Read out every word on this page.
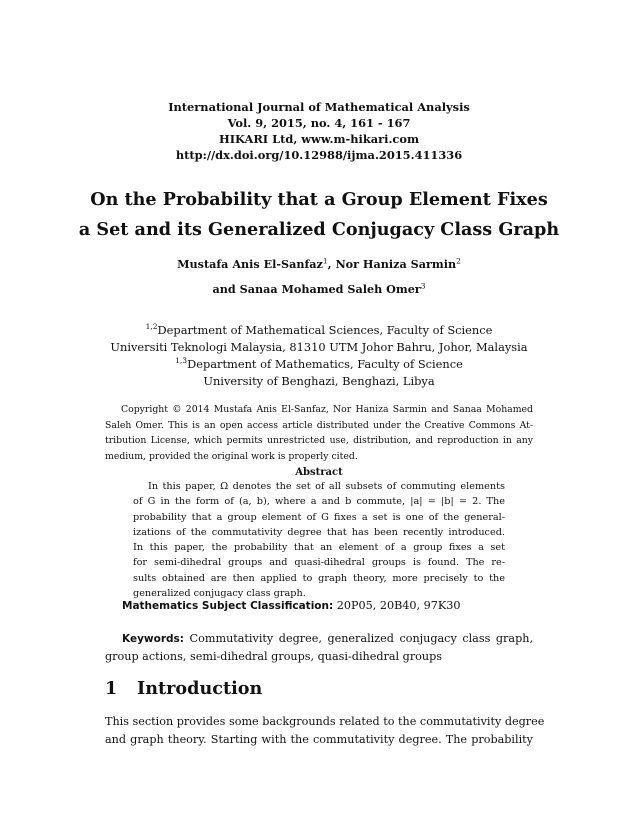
International Journal of Mathematical Analysis
Vol. 9, 2015, no. 4, 161 - 167
HIKARI Ltd, www.m-hikari.com
http://dx.doi.org/10.12988/ijma.2015.411336
On the Probability that a Group Element Fixes
a Set and its Generalized Conjugacy Class Graph
Mustafa Anis El-Sanfaz$^1$, Nor Haniza Sarmin$^2$
and Sanaa Mohamed Saleh Omer$^3$
$^{1,2}$Department of Mathematical Sciences, Faculty of Science
Universiti Teknologi Malaysia, 81310 UTM Johor Bahru, Johor, Malaysia
$^{1,3}$Department of Mathematics, Faculty of Science
University of Benghazi, Benghazi, Libya
Copyright © 2014 Mustafa Anis El-Sanfaz, Nor Haniza Sarmin and Sanaa Mohamed
Saleh Omer. This is an open access article distributed under the Creative Commons At-
tribution License, which permits unrestricted use, distribution, and reproduction in any
medium, provided the original work is properly cited.
Abstract
In this paper, Ω denotes the set of all subsets of commuting elements
of G in the form of (a, b), where a and b commute, |a| = |b| = 2. The
probability that a group element of G fixes a set is one of the general-
izations of the commutativity degree that has been recently introduced.
In this paper, the probability that an element of a group fixes a set
for semi-dihedral groups and quasi-dihedral groups is found. The re-
sults obtained are then applied to graph theory, more precisely to the
generalized conjugacy class graph.
Mathematics Subject Classification: 20P05, 20B40, 97K30
Keywords: Commutativity degree, generalized conjugacy class graph,
group actions, semi-dihedral groups, quasi-dihedral groups
1 Introduction
This section provides some backgrounds related to the commutativity degree
and graph theory. Starting with the commutativity degree. The probability
